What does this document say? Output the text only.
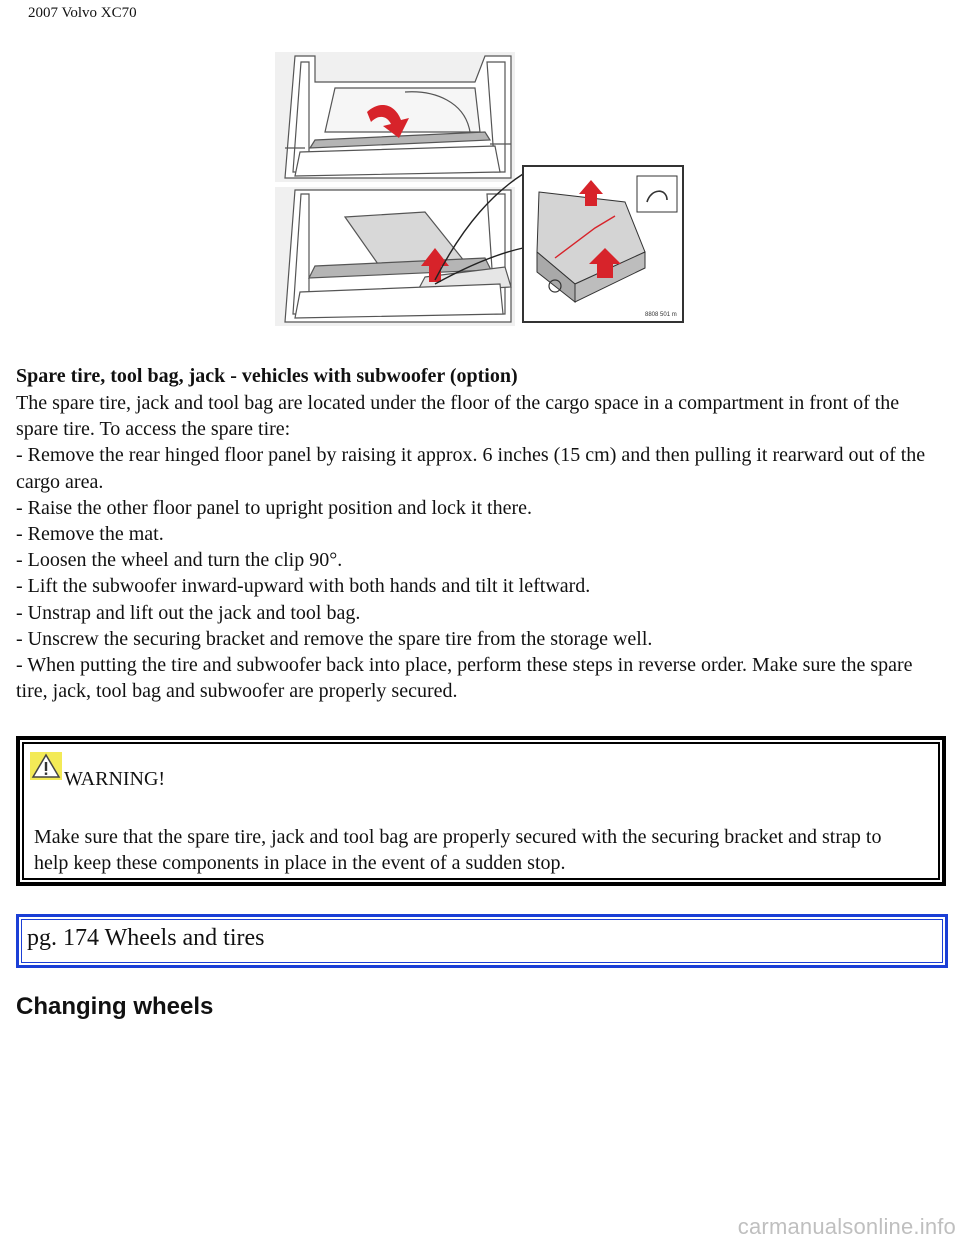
2007 Volvo XC70
8808 501 m
Spare tire, tool bag, jack - vehicles with subwoofer (option)

The spare tire, jack and tool bag are located under the floor of the cargo space in a compartment in front of the spare tire. To access the spare tire:

- Remove the rear hinged floor panel by raising it approx. 6 inches (15 cm) and then pulling it rearward out of the cargo area.

- Raise the other floor panel to upright position and lock it there.

- Remove the mat.

- Loosen the wheel and turn the clip 90°.

- Lift the subwoofer inward-upward with both hands and tilt it leftward.

- Unstrap and lift out the jack and tool bag.

- Unscrew the securing bracket and remove the spare tire from the storage well.

- When putting the tire and subwoofer back into place, perform these steps in reverse order. Make sure the spare tire, jack, tool bag and subwoofer are properly secured.

WARNING!
Make sure that the spare tire, jack and tool bag are properly secured with the securing bracket and strap to help keep these components in place in the event of a sudden stop.
pg. 174 Wheels and tires
Changing wheels
carmanualsonline.info
